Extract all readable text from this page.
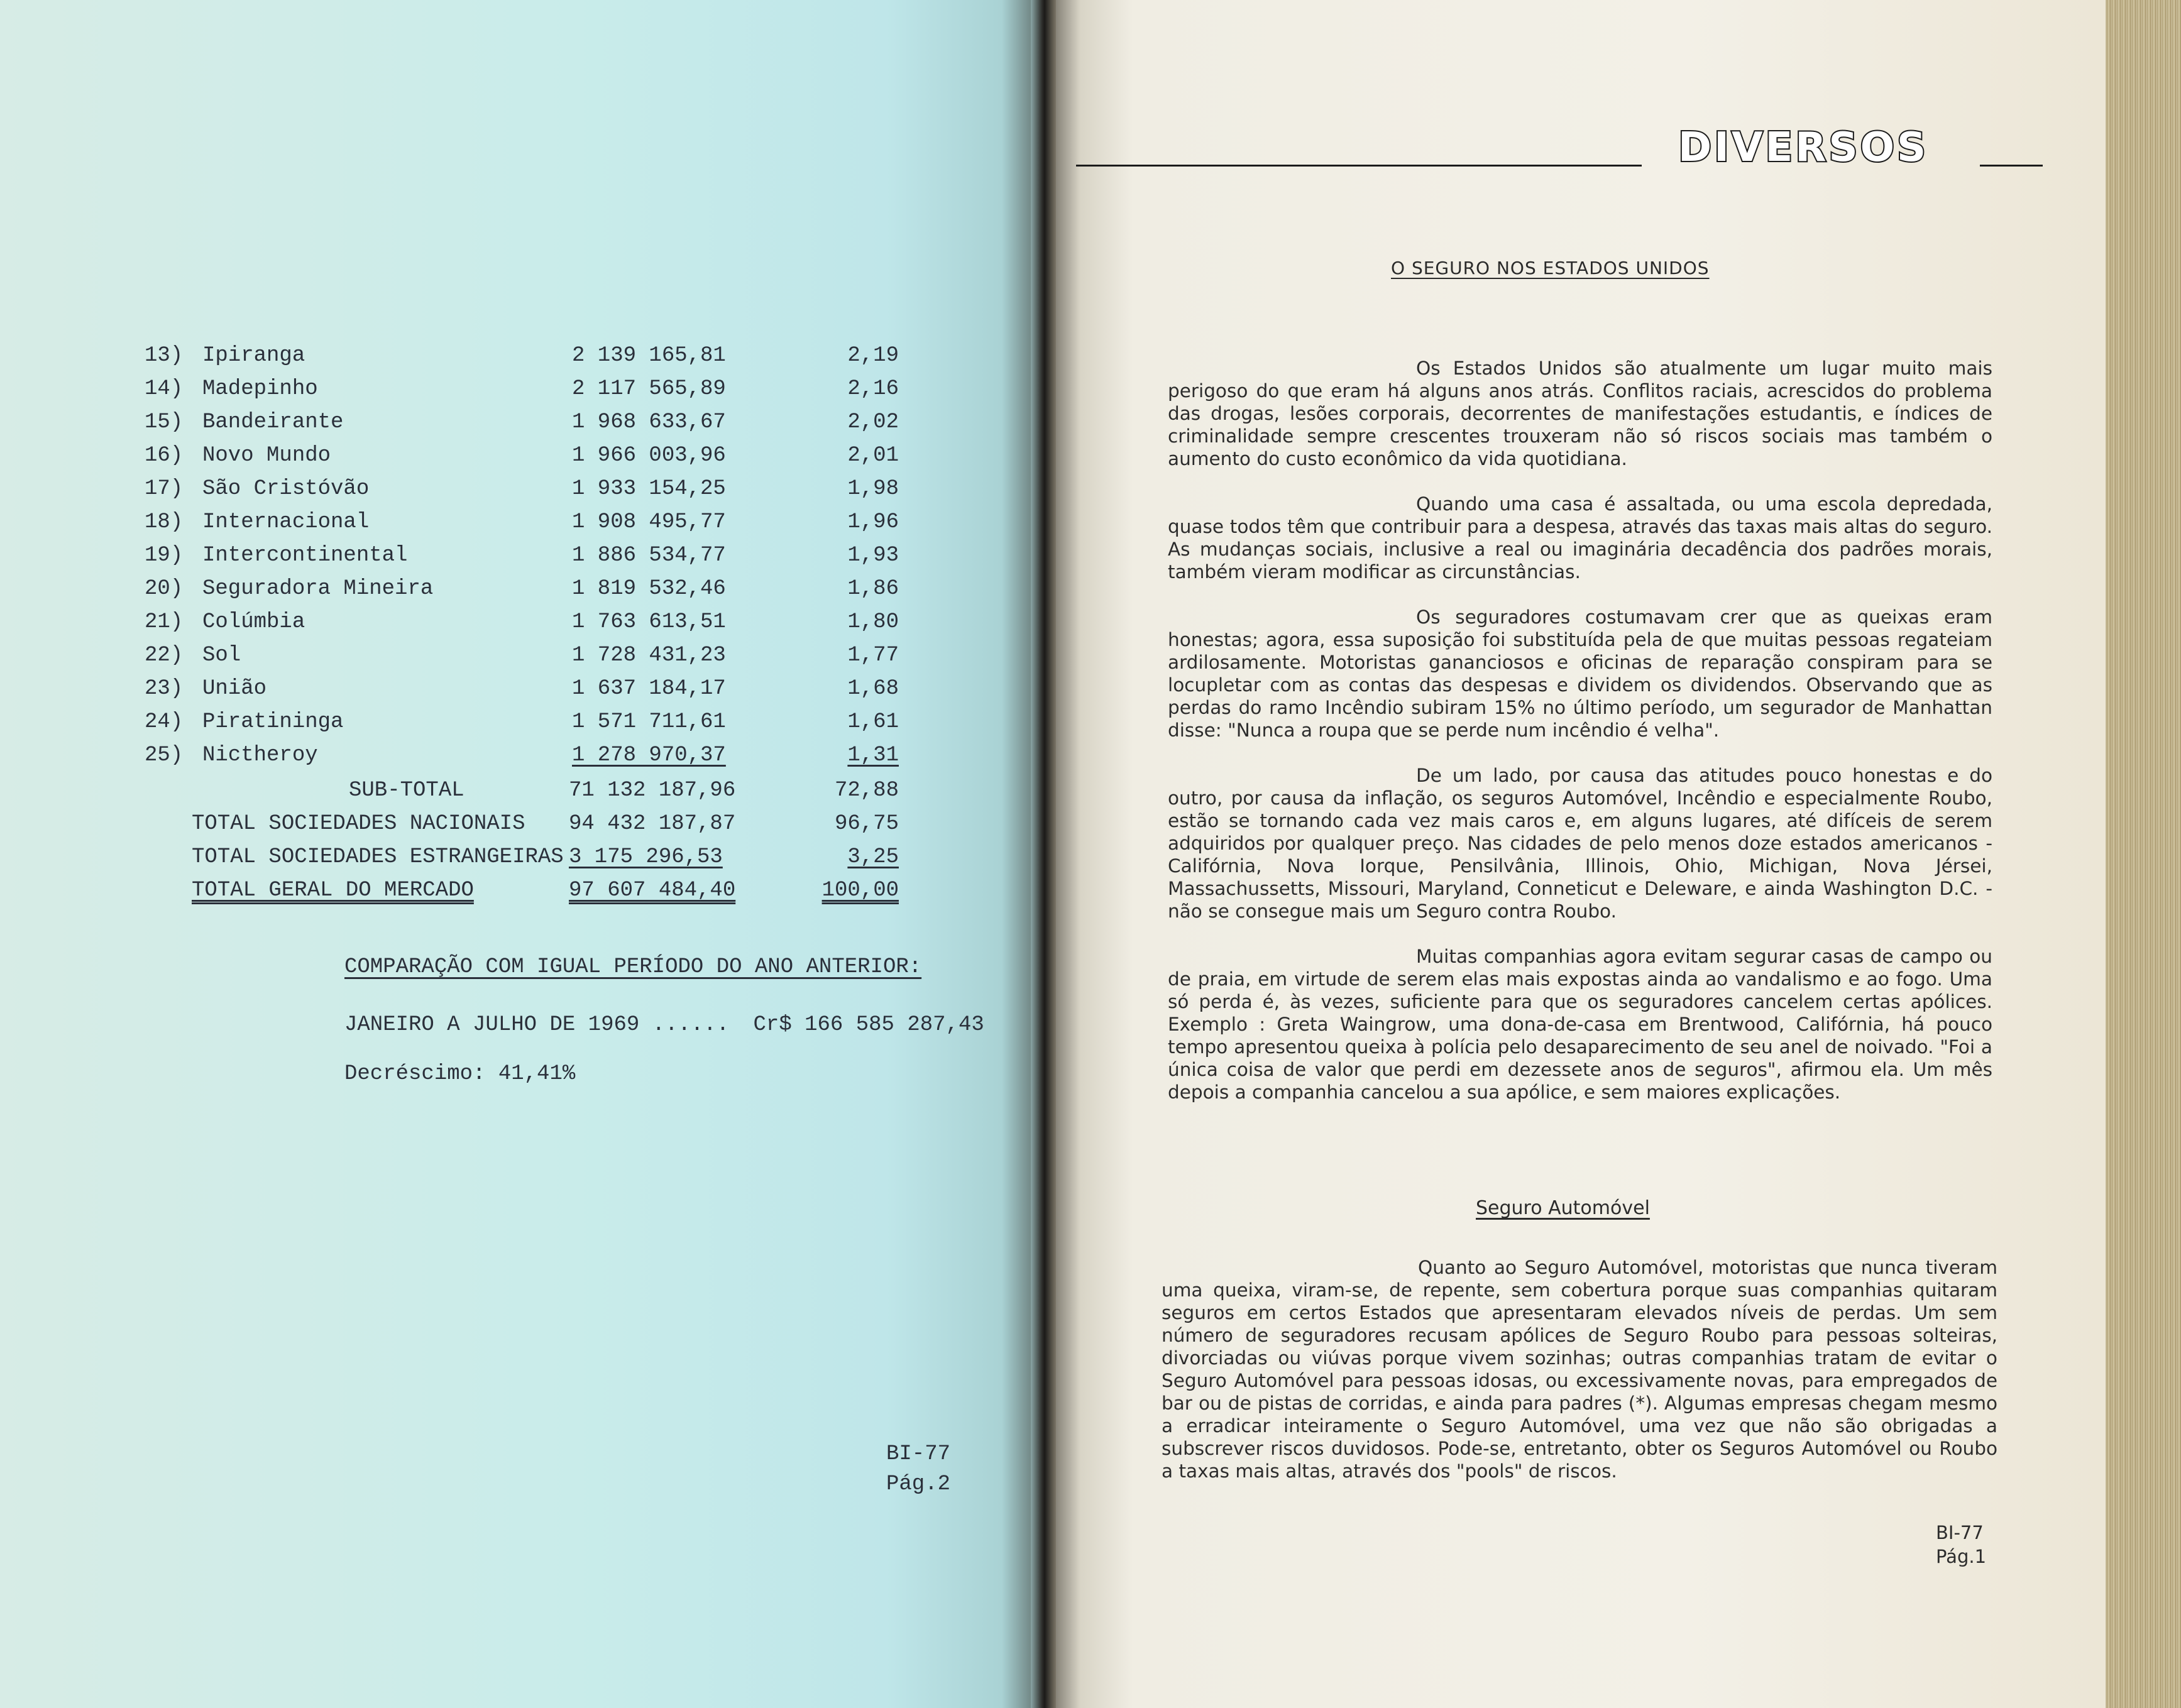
13) Ipiranga	2 139 165,81	2,19
14) Madepinho	2 117 565,89	2,16
15) Bandeirante	1 968 633,67	2,02
16) Novo Mundo	1 966 003,96	2,01
17) São Cristóvão	1 933 154,25	1,98
18) Internacional	1 908 495,77	1,96
19) Intercontinental	1 886 534,77	1,93
20) Seguradora Mineira	1 819 532,46	1,86
21) Colúmbia	1 763 613,51	1,80
22) Sol	1 728 431,23	1,77
23) União	1 637 184,17	1,68
24) Piratininga	1 571 711,61	1,61
25) Nictheroy	1 278 970,37	1,31
SUB-TOTAL	71 132 187,96	72,88
TOTAL SOCIEDADES NACIONAIS 94 432 187,87	96,75
TOTAL SOCIEDADES ESTRANGEIRAS 3 175 296,53	3,25
TOTAL GERAL DO MERCADO	97 607 484,40	100,00
COMPARAÇÃO COM IGUAL PERÍODO DO ANO ANTERIOR:
JANEIRO A JULHO DE 1969 ...... Cr$ 166 585 287,43
Decréscimo: 41,41%
BI-77
Pág.2
DIVERSOS
O SEGURO NOS ESTADOS UNIDOS

Os Estados Unidos são atualmente um lugar muito mais perigoso do que eram há alguns anos atrás. Conflitos raciais, acrescidos do problema das drogas, lesões corporais, decorrentes de manifestações estudantis, e índices de criminalidade sempre crescentes trouxeram não só riscos sociais mas também o aumento do custo econômico da vida quotidiana.

Quando uma casa é assaltada, ou uma escola depredada, quase todos têm que contribuir para a despesa, através das taxas mais altas do seguro. As mudanças sociais, inclusive a real ou imaginária decadência dos padrões morais, também vieram modificar as circunstâncias.

Os seguradores costumavam crer que as queixas eram honestas; agora, essa suposição foi substituída pela de que muitas pessoas regateiam ardilosamente. Motoristas gananciosos e oficinas de reparação conspiram para se locupletar com as contas das despesas e dividem os dividendos. Observando que as perdas do ramo Incêndio subiram 15% no último período, um segurador de Manhattan disse: "Nunca a roupa que se perde num incêndio é velha".

De um lado, por causa das atitudes pouco honestas e do outro, por causa da inflação, os seguros Automóvel, Incêndio e especialmente Roubo, estão se tornando cada vez mais caros e, em alguns lugares, até difíceis de serem adquiridos por qualquer preço. Nas cidades de pelo menos doze estados americanos - Califórnia, Nova Iorque, Pensilvânia, Illinois, Ohio, Michigan, Nova Jérsei, Massachussetts, Missouri, Maryland, Conneticut e Deleware, e ainda Washington D.C. - não se consegue mais um Seguro contra Roubo.

Muitas companhias agora evitam segurar casas de campo ou de praia, em virtude de serem elas mais expostas ainda ao vandalismo e ao fogo. Uma só perda é, às vezes, suficiente para que os seguradores cancelem certas apólices. Exemplo : Greta Waingrow, uma dona-de-casa em Brentwood, Califórnia, há pouco tempo apresentou queixa à polícia pelo desaparecimento de seu anel de noivado. "Foi a única coisa de valor que perdi em dezessete anos de seguros", afirmou ela. Um mês depois a companhia cancelou a sua apólice, e sem maiores explicações.

Seguro Automóvel

Quanto ao Seguro Automóvel, motoristas que nunca tiveram uma queixa, viram-se, de repente, sem cobertura porque suas companhias quitaram seguros em certos Estados que apresentaram elevados níveis de perdas. Um sem número de seguradores recusam apólices de Seguro Roubo para pessoas solteiras, divorciadas ou viúvas porque vivem sozinhas; outras companhias tratam de evitar o Seguro Automóvel para pessoas idosas, ou excessivamente novas, para empregados de bar ou de pistas de corridas, e ainda para padres (*). Algumas empresas chegam mesmo a erradicar inteiramente o Seguro Automóvel, uma vez que não são obrigadas a subscrever riscos duvidosos. Pode-se, entretanto, obter os Seguros Automóvel ou Roubo a taxas mais altas, através dos "pools" de riscos.

BI-77
Pág.1
